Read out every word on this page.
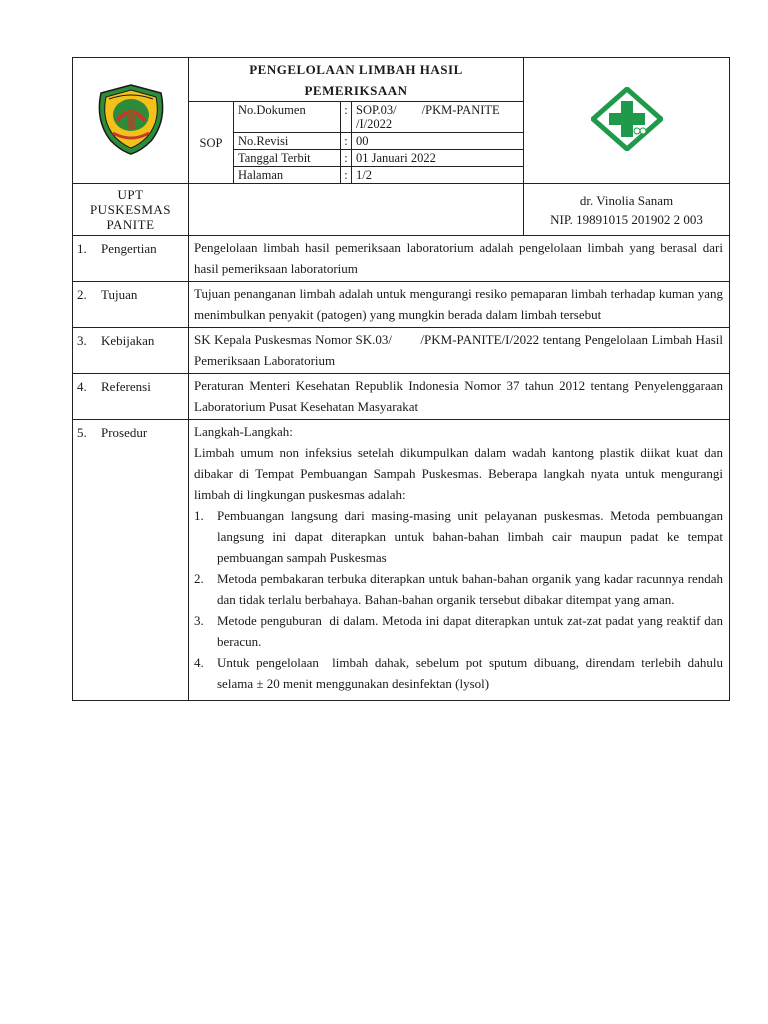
PENGELOLAAN LIMBAH HASIL
PEMERIKSAAN
SOP	No.Dokumen	:	SOP.03/        /PKM-PANITE /I/2022
No.Revisi	:	00
Tanggal Terbit	:	01 Januari 2022
Halaman	:	1/2

UPT
PUSKESMAS
PANITE

dr. Vinolia Sanam
NIP. 19891015 201902 2 003

1. Pengertian	Pengelolaan limbah hasil pemeriksaan laboratorium adalah pengelolaan limbah yang berasal dari hasil pemeriksaan laboratorium
2. Tujuan	Tujuan penanganan limbah adalah untuk mengurangi resiko pemaparan limbah terhadap kuman yang menimbulkan penyakit (patogen) yang mungkin berada dalam limbah tersebut
3. Kebijakan	SK Kepala Puskesmas Nomor SK.03/        /PKM-PANITE/I/2022 tentang Pengelolaan Limbah Hasil Pemeriksaan Laboratorium
4. Referensi	Peraturan Menteri Kesehatan Republik Indonesia Nomor 37 tahun 2012 tentang Penyelenggaraan Laboratorium Pusat Kesehatan Masyarakat
5. Prosedur	Langkah-Langkah:
Limbah umum non infeksius setelah dikumpulkan dalam wadah kantong plastik diikat kuat dan dibakar di Tempat Pembuangan Sampah Puskesmas. Beberapa langkah nyata untuk mengurangi limbah di lingkungan puskesmas adalah:
1. Pembuangan langsung dari masing-masing unit pelayanan puskesmas. Metoda pembuangan langsung ini dapat diterapkan untuk bahan-bahan limbah cair maupun padat ke tempat pembuangan sampah Puskesmas
2. Metoda pembakaran terbuka diterapkan untuk bahan-bahan organik yang kadar racunnya rendah dan tidak terlalu berbahaya. Bahan-bahan organik tersebut dibakar ditempat yang aman.
3. Metode penguburan  di dalam. Metoda ini dapat diterapkan untuk zat-zat padat yang reaktif dan beracun.
4. Untuk pengelolaan  limbah dahak, sebelum pot sputum dibuang, direndam terlebih dahulu selama ± 20 menit menggunakan desinfektan (lysol)
